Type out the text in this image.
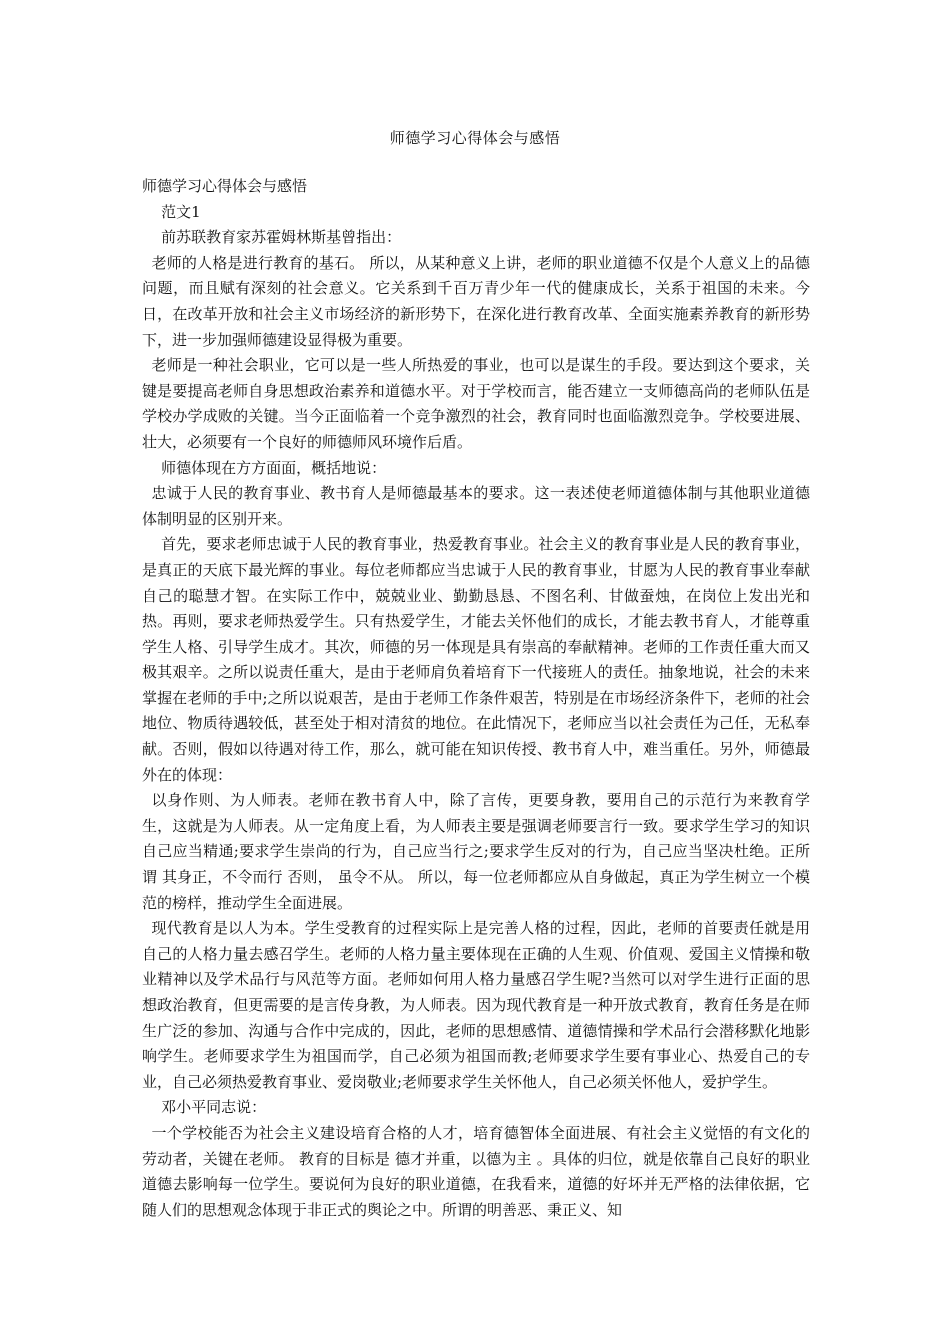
师德学习心得体会与感悟

师德学习心得体会与感悟

范文1

前苏联教育家苏霍姆林斯基曾指出：

老师的人格是进行教育的基石。 所以，从某种意义上讲，老师的职业道德不仅是个人意义上的品德问题，而且赋有深刻的社会意义。它关系到千百万青少年一代的健康成长，关系于祖国的未来。今日，在改革开放和社会主义市场经济的新形势下，在深化进行教育改革、全面实施素养教育的新形势下，进一步加强师德建设显得极为重要。

老师是一种社会职业，它可以是一些人所热爱的事业，也可以是谋生的手段。要达到这个要求，关键是要提高老师自身思想政治素养和道德水平。对于学校而言，能否建立一支师德高尚的老师队伍是学校办学成败的关键。当今正面临着一个竞争激烈的社会，教育同时也面临激烈竞争。学校要进展、壮大，必须要有一个良好的师德师风环境作后盾。

师德体现在方方面面，概括地说：

忠诚于人民的教育事业、教书育人是师德最基本的要求。这一表述使老师道德体制与其他职业道德体制明显的区别开来。

首先，要求老师忠诚于人民的教育事业，热爱教育事业。社会主义的教育事业是人民的教育事业，是真正的天底下最光辉的事业。每位老师都应当忠诚于人民的教育事业，甘愿为人民的教育事业奉献自己的聪慧才智。在实际工作中，兢兢业业、勤勤恳恳、不图名利、甘做蚕烛，在岗位上发出光和热。再则，要求老师热爱学生。只有热爱学生，才能去关怀他们的成长，才能去教书育人，才能尊重学生人格、引导学生成才。其次，师德的另一体现是具有崇高的奉献精神。老师的工作责任重大而又极其艰辛。之所以说责任重大，是由于老师肩负着培育下一代接班人的责任。抽象地说，社会的未来掌握在老师的手中;之所以说艰苦，是由于老师工作条件艰苦，特别是在市场经济条件下，老师的社会地位、物质待遇较低，甚至处于相对清贫的地位。在此情况下，老师应当以社会责任为己任，无私奉献。否则，假如以待遇对待工作，那么，就可能在知识传授、教书育人中，难当重任。另外，师德最外在的体现：

以身作则、为人师表。老师在教书育人中，除了言传，更要身教，要用自己的示范行为来教育学生，这就是为人师表。从一定角度上看，为人师表主要是强调老师要言行一致。要求学生学习的知识自己应当精通;要求学生崇尚的行为，自己应当行之;要求学生反对的行为，自己应当坚决杜绝。正所谓 其身正，不令而行 否则， 虽令不从。 所以，每一位老师都应从自身做起，真正为学生树立一个模范的榜样，推动学生全面进展。

现代教育是以人为本。学生受教育的过程实际上是完善人格的过程，因此，老师的首要责任就是用自己的人格力量去感召学生。老师的人格力量主要体现在正确的人生观、价值观、爱国主义情操和敬业精神以及学术品行与风范等方面。老师如何用人格力量感召学生呢?当然可以对学生进行正面的思想政治教育，但更需要的是言传身教，为人师表。因为现代教育是一种开放式教育，教育任务是在师生广泛的参加、沟通与合作中完成的，因此，老师的思想感情、道德情操和学术品行会潜移默化地影响学生。老师要求学生为祖国而学，自己必须为祖国而教;老师要求学生要有事业心、热爱自己的专业，自己必须热爱教育事业、爱岗敬业;老师要求学生关怀他人，自己必须关怀他人，爱护学生。

邓小平同志说：

一个学校能否为社会主义建设培育合格的人才，培育德智体全面进展、有社会主义觉悟的有文化的劳动者，关键在老师。 教育的目标是 德才并重，以德为主 。具体的归位，就是依靠自己良好的职业道德去影响每一位学生。要说何为良好的职业道德，在我看来，道德的好坏并无严格的法律依据，它随人们的思想观念体现于非正式的舆论之中。所谓的明善恶、秉正义、知
